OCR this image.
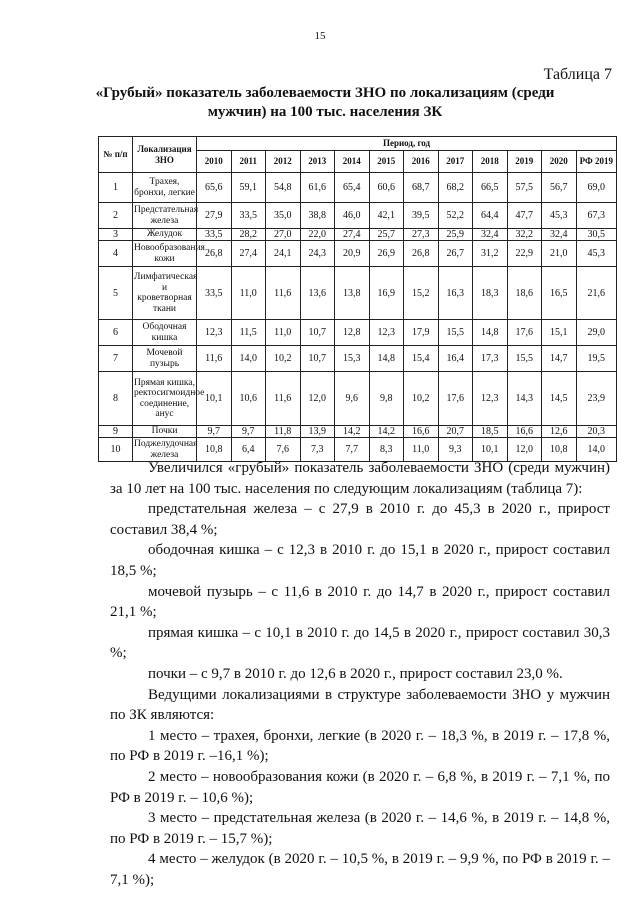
15
Таблица 7
«Грубый» показатель заболеваемости ЗНО по локализациям (среди мужчин) на 100 тыс. населения ЗК
№ п/п	Локализация ЗНО	Период, год											
		2010	2011	2012	2013	2014	2015	2016	2017	2018	2019	2020	РФ 2019
1	Трахея, бронхи, легкие	65,6	59,1	54,8	61,6	65,4	60,6	68,7	68,2	66,5	57,5	56,7	69,0
2	Предстательная железа	27,9	33,5	35,0	38,8	46,0	42,1	39,5	52,2	64,4	47,7	45,3	67,3
3	Желудок	33,5	28,2	27,0	22,0	27,4	25,7	27,3	25,9	32,4	32,2	32,4	30,5
4	Новообразования кожи	26,8	27,4	24,1	24,3	20,9	26,9	26,8	26,7	31,2	22,9	21,0	45,3
5	Лимфатическая и кроветворная ткани	33,5	11,0	11,6	13,6	13,8	16,9	15,2	16,3	18,3	18,6	16,5	21,6
6	Ободочная кишка	12,3	11,5	11,0	10,7	12,8	12,3	17,9	15,5	14,8	17,6	15,1	29,0
7	Мочевой пузырь	11,6	14,0	10,2	10,7	15,3	14,8	15,4	16,4	17,3	15,5	14,7	19,5
8	Прямая кишка, ректосигмоидное соединение, анус	10,1	10,6	11,6	12,0	9,6	9,8	10,2	17,6	12,3	14,3	14,5	23,9
9	Почки	9,7	9,7	11,8	13,9	14,2	14,2	16,6	20,7	18,5	16,6	12,6	20,3
10	Поджелудочная железа	10,8	6,4	7,6	7,3	7,7	8,3	11,0	9,3	10,1	12,0	10,8	14,0

Увеличился «грубый» показатель заболеваемости ЗНО (среди мужчин) за 10 лет на 100 тыс. населения по следующим локализациям (таблица 7):

предстательная железа – с 27,9 в 2010 г. до 45,3 в 2020 г., прирост составил 38,4 %;

ободочная кишка – с 12,3 в 2010 г. до 15,1 в 2020 г., прирост составил 18,5 %;

мочевой пузырь – с 11,6 в 2010 г. до 14,7 в 2020 г., прирост составил 21,1 %;

прямая кишка – с 10,1 в 2010 г. до 14,5 в 2020 г., прирост составил 30,3 %;

почки – с 9,7 в 2010 г. до 12,6 в 2020 г., прирост составил 23,0 %.

Ведущими локализациями в структуре заболеваемости ЗНО у мужчин по ЗК являются:

1 место – трахея, бронхи, легкие (в 2020 г. – 18,3 %, в 2019 г. – 17,8 %, по РФ в 2019 г. –16,1 %);

2 место – новообразования кожи (в 2020 г. – 6,8 %, в 2019 г. – 7,1 %, по РФ в 2019 г. – 10,6 %);

3 место – предстательная железа (в 2020 г. – 14,6 %, в 2019 г. – 14,8 %, по РФ в 2019 г. – 15,7 %);

4 место – желудок (в 2020 г. – 10,5 %, в 2019 г. – 9,9 %, по РФ в 2019 г. – 7,1 %);
